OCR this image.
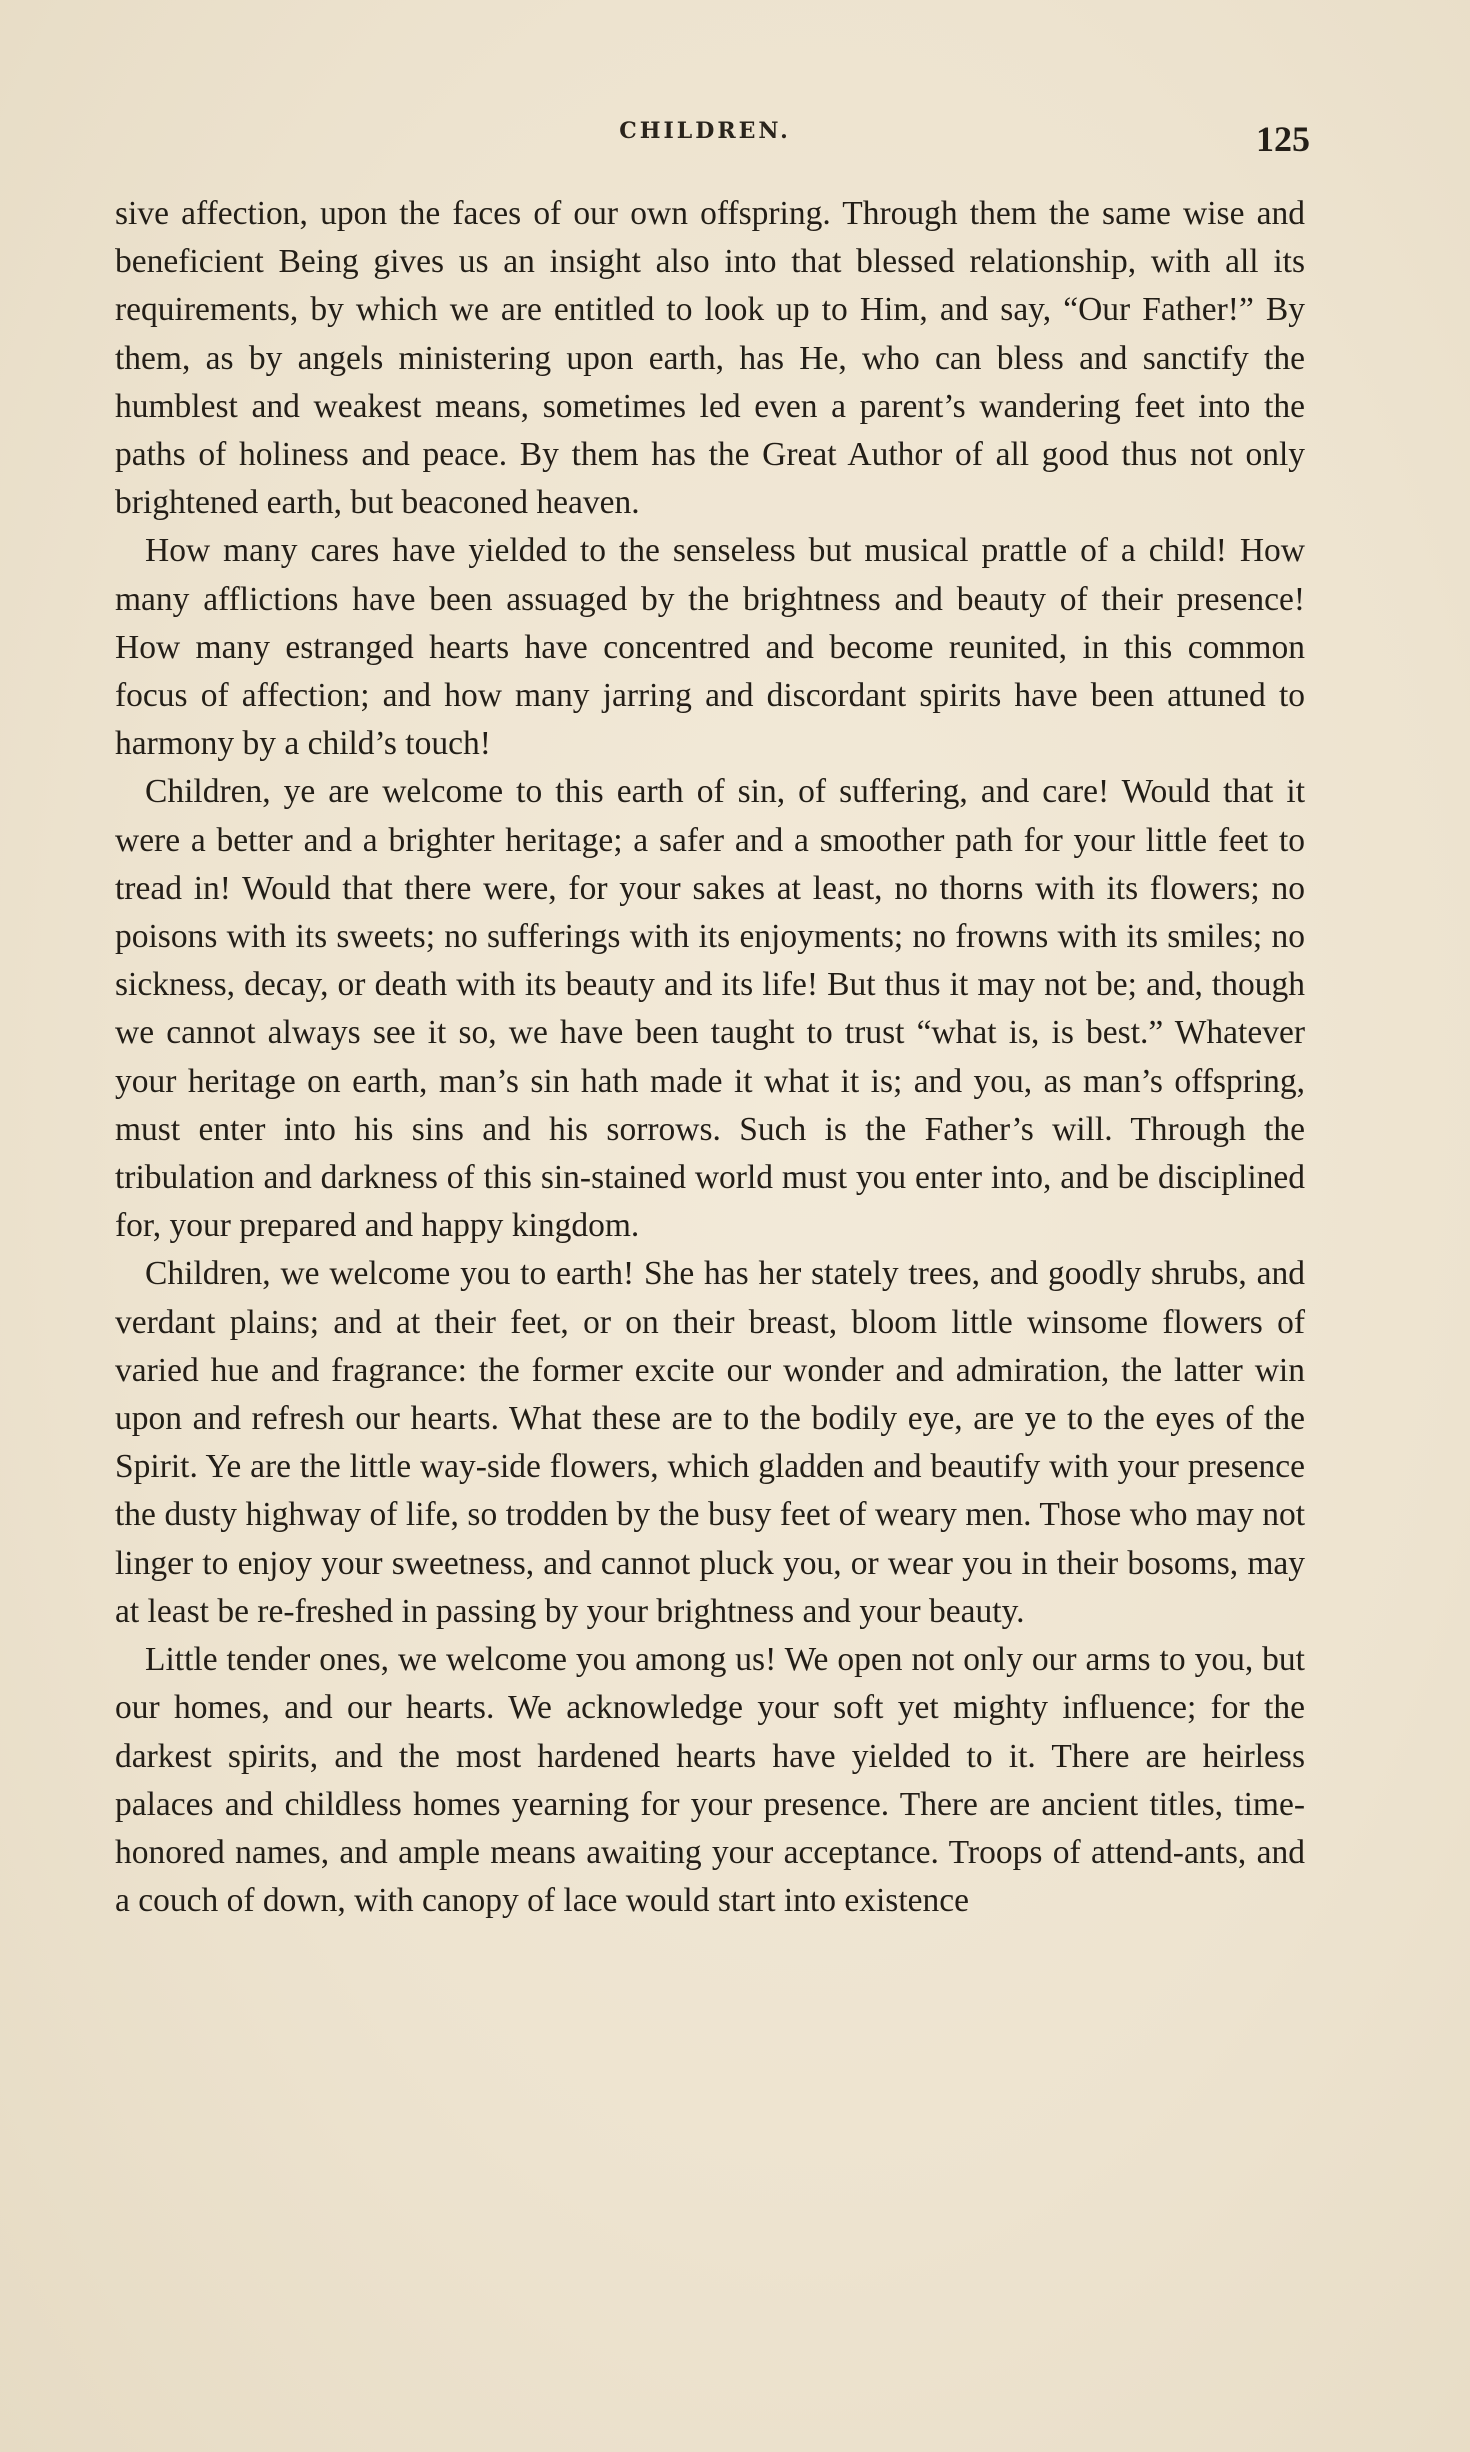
CHILDREN.	125

sive affection, upon the faces of our own offspring. Through them the same wise and beneficient Being gives us an insight also into that blessed relationship, with all its requirements, by which we are entitled to look up to Him, and say, “Our Father!” By them, as by angels ministering upon earth, has He, who can bless and sanctify the humblest and weakest means, sometimes led even a parent’s wandering feet into the paths of holiness and peace. By them has the Great Author of all good thus not only brightened earth, but beaconed heaven.

How many cares have yielded to the senseless but musical prattle of a child! How many afflictions have been assuaged by the brightness and beauty of their presence! How many estranged hearts have concentred and become reunited, in this common focus of affection; and how many jarring and discordant spirits have been attuned to harmony by a child’s touch!

Children, ye are welcome to this earth of sin, of suffering, and care! Would that it were a better and a brighter heritage; a safer and a smoother path for your little feet to tread in! Would that there were, for your sakes at least, no thorns with its flowers; no poisons with its sweets; no sufferings with its enjoyments; no frowns with its smiles; no sickness, decay, or death with its beauty and its life! But thus it may not be; and, though we cannot always see it so, we have been taught to trust “what is, is best.” Whatever your heritage on earth, man’s sin hath made it what it is; and you, as man’s offspring, must enter into his sins and his sorrows. Such is the Father’s will. Through the tribulation and darkness of this sin-stained world must you enter into, and be disciplined for, your prepared and happy kingdom.

Children, we welcome you to earth! She has her stately trees, and goodly shrubs, and verdant plains; and at their feet, or on their breast, bloom little winsome flowers of varied hue and fragrance: the former excite our wonder and admiration, the latter win upon and refresh our hearts. What these are to the bodily eye, are ye to the eyes of the Spirit. Ye are the little way-side flowers, which gladden and beautify with your presence the dusty highway of life, so trodden by the busy feet of weary men. Those who may not linger to enjoy your sweetness, and cannot pluck you, or wear you in their bosoms, may at least be re-freshed in passing by your brightness and your beauty.

Little tender ones, we welcome you among us! We open not only our arms to you, but our homes, and our hearts. We acknowledge your soft yet mighty influence; for the darkest spirits, and the most hardened hearts have yielded to it. There are heirless palaces and childless homes yearning for your presence. There are ancient titles, time-honored names, and ample means awaiting your acceptance. Troops of attend-ants, and a couch of down, with canopy of lace would start into existence
